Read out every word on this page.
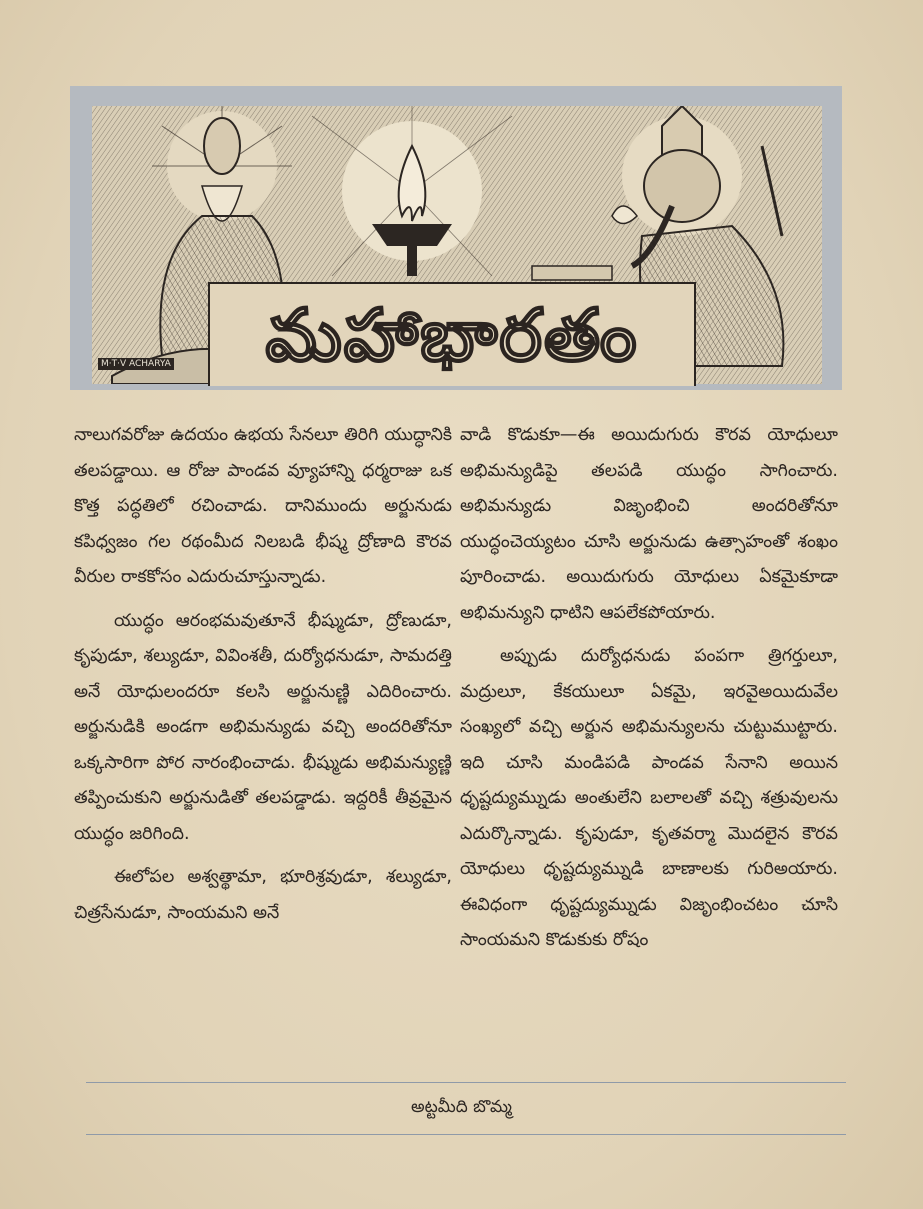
మహాభారతం
M·T·V ACHARYA

నాలుగవరోజు ఉదయం ఉభయ సేనలూ తిరిగి యుద్ధానికి తలపడ్డాయి. ఆ రోజు పాండవ వ్యూహాన్ని ధర్మరాజు ఒక కొత్త పద్ధతిలో రచించాడు. దానిముందు అర్జునుడు కపిధ్వజం గల రథంమీద నిలబడి భీష్మ ద్రోణాది కౌరవ వీరుల రాకకోసం ఎదురుచూస్తున్నాడు.

యుద్ధం ఆరంభమవుతూనే భీష్ముడూ, ద్రోణుడూ, కృపుడూ, శల్యుడూ, వివింశతీ, దుర్యోధనుడూ, సామదత్తి అనే యోధులందరూ కలసి అర్జునుణ్ణి ఎదిరించారు. అర్జునుడికి అండగా అభిమన్యుడు వచ్చి అందరితోనూ ఒక్కసారిగా పోర నారంభించాడు. భీష్ముడు అభిమన్యుణ్ణి తప్పించుకుని అర్జునుడితో తలపడ్డాడు. ఇద్దరికీ తీవ్రమైన యుద్ధం జరిగింది.

ఈలోపల అశ్వత్థామా, భూరిశ్రవుడూ, శల్యుడూ, చిత్రసేనుడూ, సాంయమని అనే

వాడి కొడుకూ—ఈ అయిదుగురు కౌరవ యోధులూ అభిమన్యుడిపై తలపడి యుద్ధం సాగించారు. అభిమన్యుడు విజృంభించి అందరితోనూ యుద్ధంచెయ్యటం చూసి అర్జునుడు ఉత్సాహంతో శంఖం పూరించాడు. అయిదుగురు యోధులు ఏకమైకూడా అభిమన్యుని ధాటిని ఆపలేకపోయారు.

అప్పుడు దుర్యోధనుడు పంపగా త్రిగర్తులూ, మద్రులూ, కేకయులూ ఏకమై, ఇరవైఅయిదువేల సంఖ్యలో వచ్చి అర్జున అభిమన్యులను చుట్టుముట్టారు. ఇది చూసి మండిపడి పాండవ సేనాని అయిన ధృష్టద్యుమ్నుడు అంతులేని బలాలతో వచ్చి శత్రువులను ఎదుర్కొన్నాడు. కృపుడూ, కృతవర్మా మొదలైన కౌరవ యోధులు ధృష్టద్యుమ్నుడి బాణాలకు గురిఅయారు. ఈవిధంగా ధృష్టద్యుమ్నుడు విజృంభించటం చూసి సాంయమని కొడుకుకు రోషం

అట్టమీది బొమ్మ
